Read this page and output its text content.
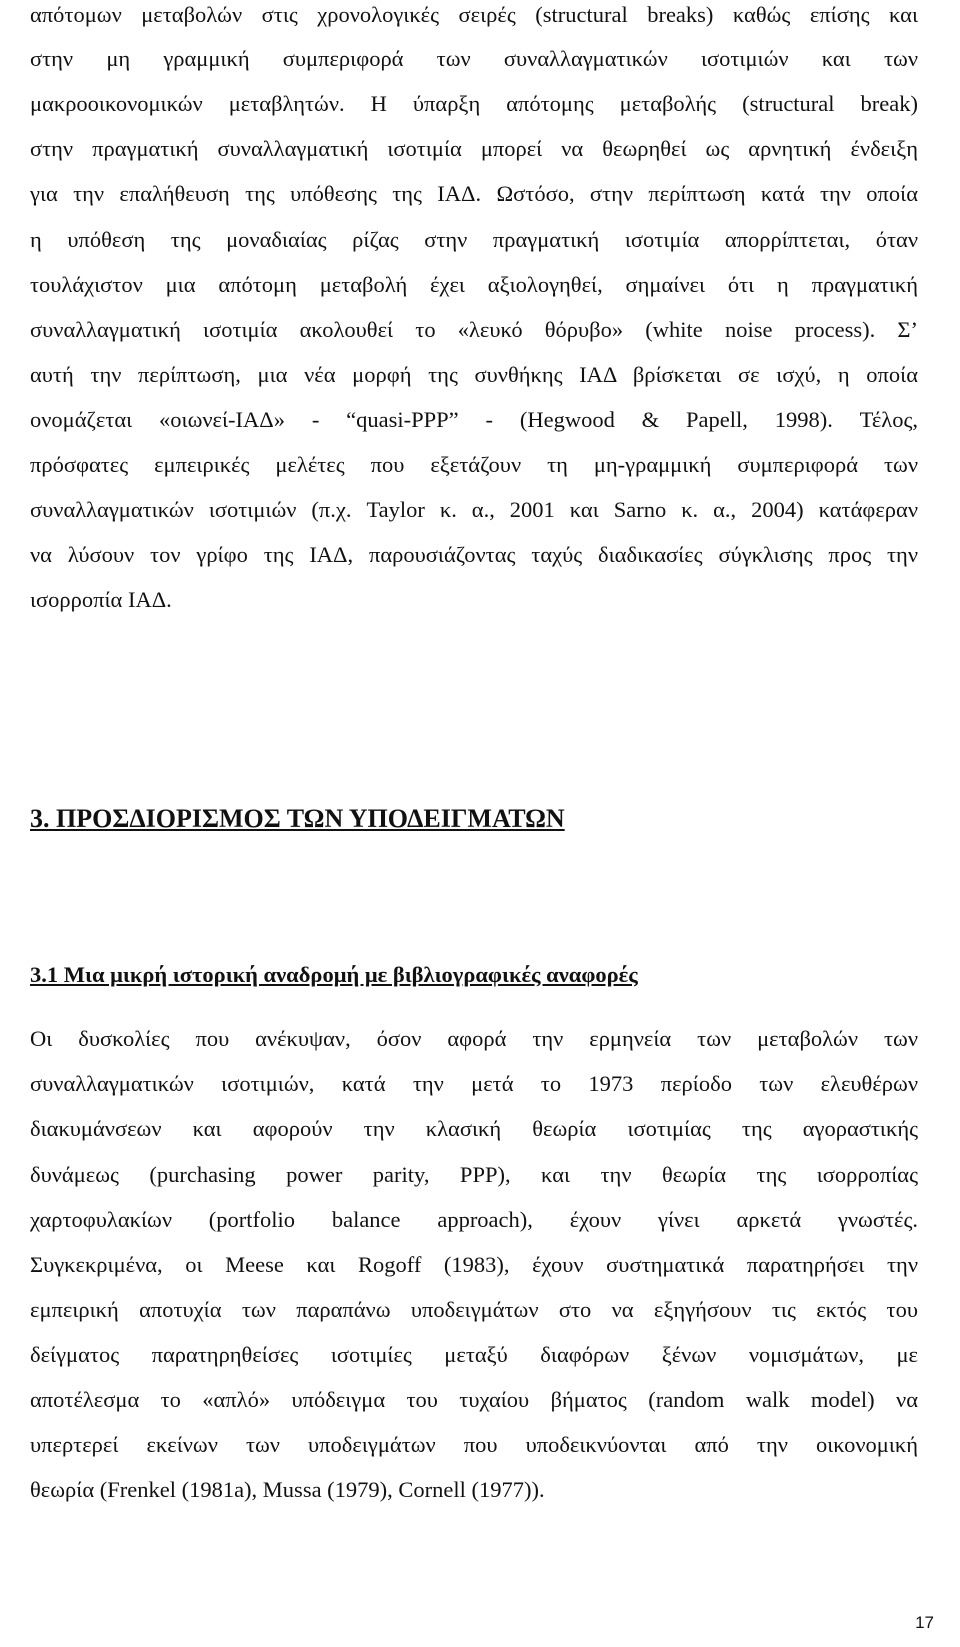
απότομων μεταβολών στις χρονολογικές σειρές (structural breaks) καθώς επίσης και
στην μη γραμμική συμπεριφορά των συναλλαγματικών ισοτιμιών και των
μακροοικονομικών μεταβλητών. Η ύπαρξη απότομης μεταβολής (structural break)
στην πραγματική συναλλαγματική ισοτιμία μπορεί να θεωρηθεί ως αρνητική ένδειξη
για την επαλήθευση της υπόθεσης της ΙΑΔ. Ωστόσο, στην περίπτωση κατά την οποία
η υπόθεση της μοναδιαίας ρίζας στην πραγματική ισοτιμία απορρίπτεται, όταν
τουλάχιστον μια απότομη μεταβολή έχει αξιολογηθεί, σημαίνει ότι η πραγματική
συναλλαγματική ισοτιμία ακολουθεί το «λευκό θόρυβο» (white noise process). Σ’
αυτή την περίπτωση, μια νέα μορφή της συνθήκης ΙΑΔ βρίσκεται σε ισχύ, η οποία
ονομάζεται «οιωνεί-ΙΑΔ» - “quasi-PPP” - (Hegwood & Papell, 1998). Τέλος,
πρόσφατες εμπειρικές μελέτες που εξετάζουν τη μη-γραμμική συμπεριφορά των
συναλλαγματικών ισοτιμιών (π.χ. Taylor κ. α., 2001 και Sarno κ. α., 2004) κατάφεραν
να λύσουν τον γρίφο της ΙΑΔ, παρουσιάζοντας ταχύς διαδικασίες σύγκλισης προς την
ισορροπία ΙΑΔ.
3. ΠΡΟΣΔΙΟΡΙΣΜΟΣ ΤΩΝ ΥΠΟΔΕΙΓΜΑΤΩΝ
3.1 Μια μικρή ιστορική αναδρομή με βιβλιογραφικές αναφορές
Οι δυσκολίες που ανέκυψαν, όσον αφορά την ερμηνεία των μεταβολών των
συναλλαγματικών ισοτιμιών, κατά την μετά το 1973 περίοδο των ελευθέρων
διακυμάνσεων και αφορούν την κλασική θεωρία ισοτιμίας της αγοραστικής
δυνάμεως (purchasing power parity, PPP), και την θεωρία της ισορροπίας
χαρτοφυλακίων (portfolio balance approach), έχουν γίνει αρκετά γνωστές.
Συγκεκριμένα, οι Meese και Rogoff (1983), έχουν συστηματικά παρατηρήσει την
εμπειρική αποτυχία των παραπάνω υποδειγμάτων στο να εξηγήσουν τις εκτός του
δείγματος παρατηρηθείσες ισοτιμίες μεταξύ διαφόρων ξένων νομισμάτων, με
αποτέλεσμα το «απλό» υπόδειγμα του τυχαίου βήματος (random walk model) να
υπερτερεί εκείνων των υποδειγμάτων που υποδεικνύονται από την οικονομική
θεωρία (Frenkel (1981a), Mussa (1979), Cornell (1977)).
17
